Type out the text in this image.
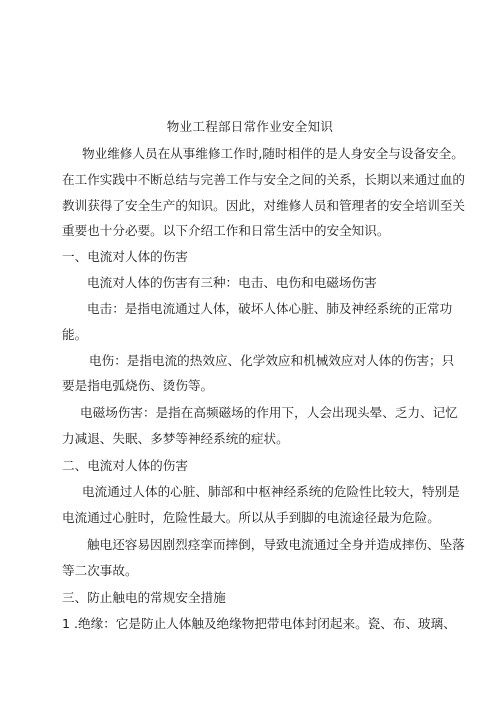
物业工程部日常作业安全知识
物业维修人员在从事维修工作时,随时相伴的是人身安全与设备安全。
在工作实践中不断总结与完善工作与安全之间的关系，长期以来通过血的
教训获得了安全生产的知识。因此，对维修人员和管理者的安全培训至关
重要也十分必要。以下介绍工作和日常生活中的安全知识。
一、电流对人体的伤害
电流对人体的伤害有三种：电击、电伤和电磁场伤害
电击：是指电流通过人体，破坏人体心脏、肺及神经系统的正常功
能。
电伤：是指电流的热效应、化学效应和机械效应对人体的伤害；只
要是指电弧烧伤、烫伤等。
电磁场伤害：是指在高频磁场的作用下，人会出现头晕、乏力、记忆
力减退、失眠、多梦等神经系统的症状。
二、电流对人体的伤害
电流通过人体的心脏、肺部和中枢神经系统的危险性比较大，特别是
电流通过心脏时，危险性最大。所以从手到脚的电流途径最为危险。
触电还容易因剧烈痉挛而摔倒，导致电流通过全身并造成摔伤、坠落
等二次事故。
三、防止触电的常规安全措施
1 .绝缘：它是防止人体触及绝缘物把带电体封闭起来。瓷、布、玻璃、
